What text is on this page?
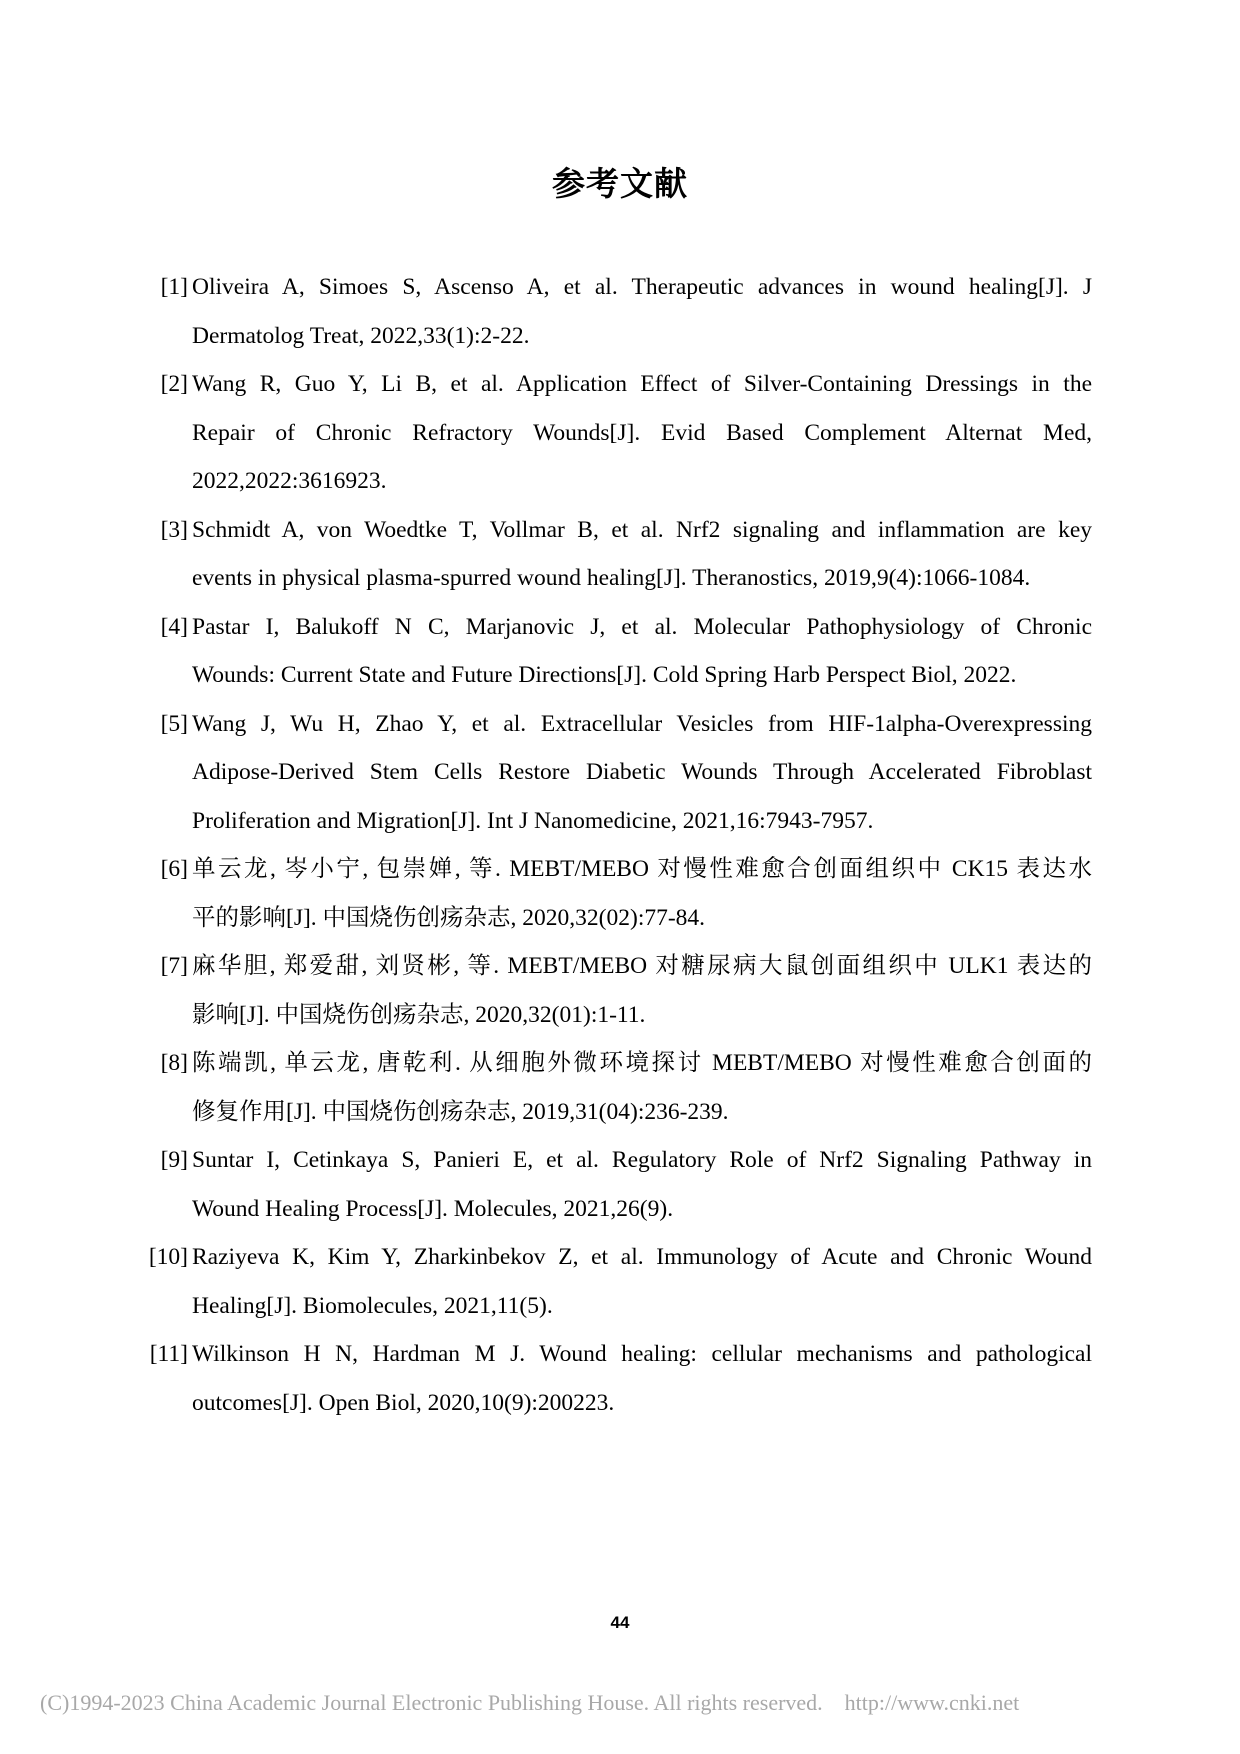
参考文献
[1] Oliveira A, Simoes S, Ascenso A, et al. Therapeutic advances in wound healing[J]. J
Dermatolog Treat, 2022,33(1):2-22.
[2] Wang R, Guo Y, Li B, et al. Application Effect of Silver-Containing Dressings in the
Repair of Chronic Refractory Wounds[J]. Evid Based Complement Alternat Med,
2022,2022:3616923.
[3] Schmidt A, von Woedtke T, Vollmar B, et al. Nrf2 signaling and inflammation are key
events in physical plasma-spurred wound healing[J]. Theranostics, 2019,9(4):1066-1084.
[4] Pastar I, Balukoff N C, Marjanovic J, et al. Molecular Pathophysiology of Chronic
Wounds: Current State and Future Directions[J]. Cold Spring Harb Perspect Biol, 2022.
[5] Wang J, Wu H, Zhao Y, et al. Extracellular Vesicles from HIF-1alpha-Overexpressing
Adipose-Derived Stem Cells Restore Diabetic Wounds Through Accelerated Fibroblast
Proliferation and Migration[J]. Int J Nanomedicine, 2021,16:7943-7957.
[6] 单云龙, 岑小宁, 包崇婵, 等. MEBT/MEBO 对慢性难愈合创面组织中 CK15 表达水
平的影响[J]. 中国烧伤创疡杂志, 2020,32(02):77-84.
[7] 麻华胆, 郑爱甜, 刘贤彬, 等. MEBT/MEBO 对糖尿病大鼠创面组织中 ULK1 表达的
影响[J]. 中国烧伤创疡杂志, 2020,32(01):1-11.
[8] 陈端凯, 单云龙, 唐乾利. 从细胞外微环境探讨 MEBT/MEBO 对慢性难愈合创面的
修复作用[J]. 中国烧伤创疡杂志, 2019,31(04):236-239.
[9] Suntar I, Cetinkaya S, Panieri E, et al. Regulatory Role of Nrf2 Signaling Pathway in
Wound Healing Process[J]. Molecules, 2021,26(9).
[10] Raziyeva K, Kim Y, Zharkinbekov Z, et al. Immunology of Acute and Chronic Wound
Healing[J]. Biomolecules, 2021,11(5).
[11] Wilkinson H N, Hardman M J. Wound healing: cellular mechanisms and pathological
outcomes[J]. Open Biol, 2020,10(9):200223.
44
(C)1994-2023 China Academic Journal Electronic Publishing House. All rights reserved.    http://www.cnki.net
